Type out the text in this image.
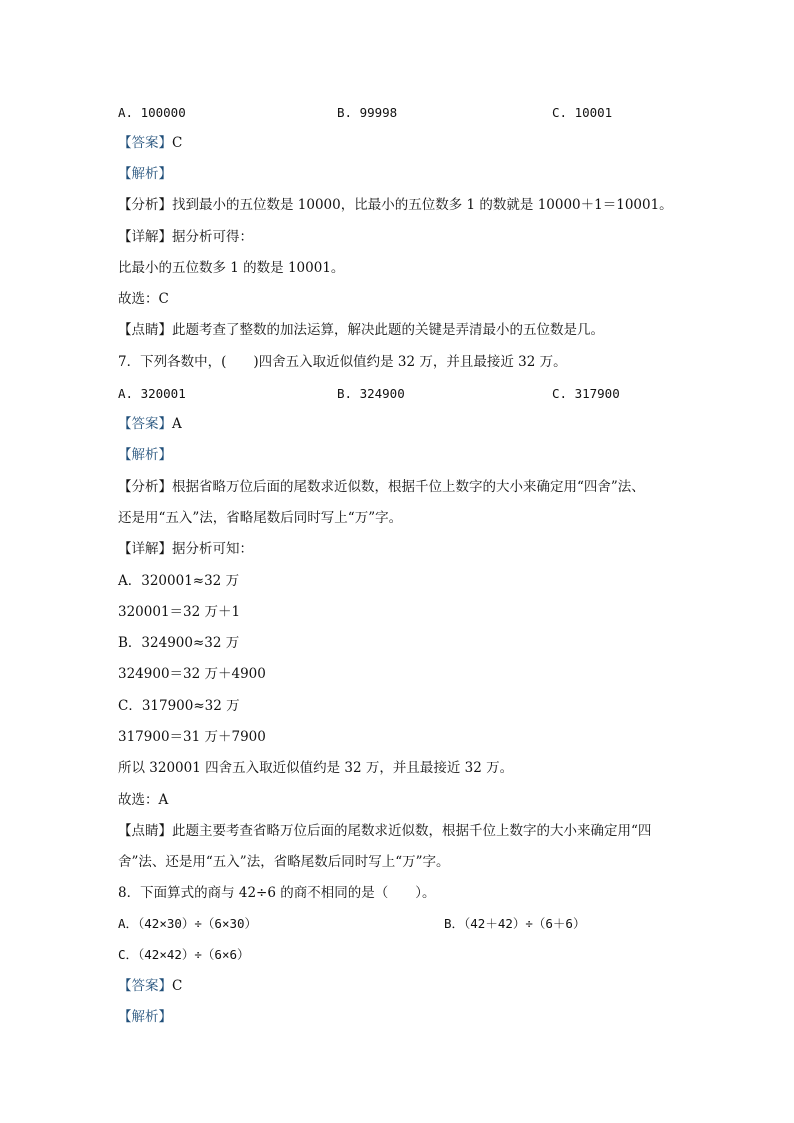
A. 100000	B. 99998	C. 10001
【答案】C
【解析】
【分析】找到最小的五位数是 10000，比最小的五位数多 1 的数就是 10000＋1＝10001。
【详解】据分析可得：
比最小的五位数多 1 的数是 10001。
故选：C
【点睛】此题考查了整数的加法运算，解决此题的关键是弄清最小的五位数是几。
7．下列各数中，(　　)四舍五入取近似值约是 32 万，并且最接近 32 万。
A. 320001	B. 324900	C. 317900
【答案】A
【解析】
【分析】根据省略万位后面的尾数求近似数，根据千位上数字的大小来确定用“四舍”法、
还是用“五入”法，省略尾数后同时写上“万”字。
【详解】据分析可知：
A．320001≈32 万
320001＝32 万＋1
B．324900≈32 万
324900＝32 万＋4900
C．317900≈32 万
317900＝31 万＋7900
所以 320001 四舍五入取近似值约是 32 万，并且最接近 32 万。
故选：A
【点睛】此题主要考查省略万位后面的尾数求近似数，根据千位上数字的大小来确定用“四
舍”法、还是用“五入”法，省略尾数后同时写上“万”字。
8．下面算式的商与 42÷6 的商不相同的是（　　）。
A．（42×30）÷（6×30）	B．（42＋42）÷（6＋6）
C．（42×42）÷（6×6）
【答案】C
【解析】
